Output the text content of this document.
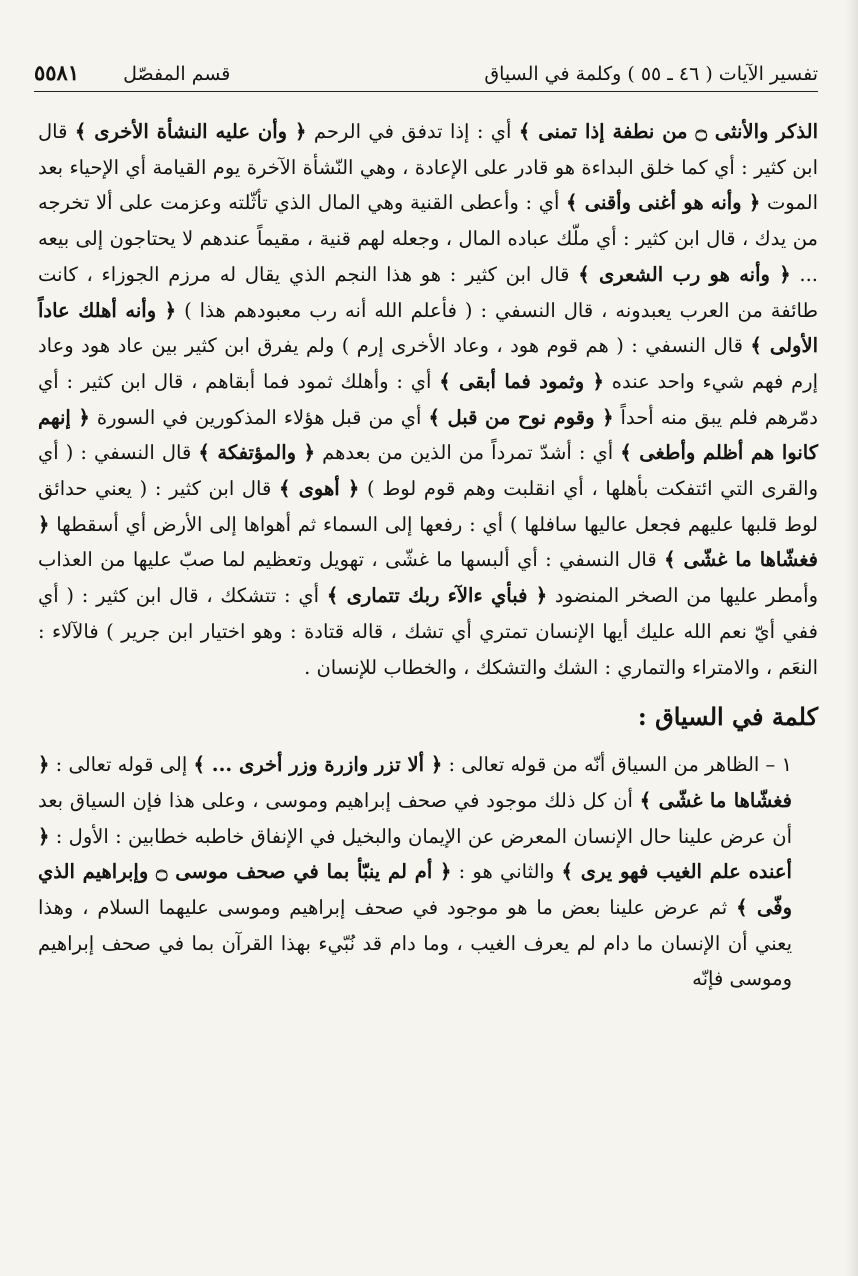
تفسير الآيات ( ٤٦ ـ ٥٥ ) وكلمة في السياق
قسم المفصّل
٥٥٨١

الذكر والأنثى ۝ من نطفة إذا تمنى ﴾ أي : إذا تدفق في الرحم ﴿ وأن عليه النشأة الأخرى ﴾ قال ابن كثير : أي كما خلق البداءة هو قادر على الإعادة ، وهي النّشأة الآخرة يوم القيامة أي الإحياء بعد الموت ﴿ وأنه هو أغنى وأقنى ﴾ أي : وأعطى القنية وهي المال الذي تأثّلته وعزمت على ألا تخرجه من يدك ، قال ابن كثير : أي ملّك عباده المال ، وجعله لهم قنية ، مقيماً عندهم لا يحتاجون إلى بيعه ... ﴿ وأنه هو رب الشعرى ﴾ قال ابن كثير : هو هذا النجم الذي يقال له مرزم الجوزاء ، كانت طائفة من العرب يعبدونه ، قال النسفي : ( فأعلم الله أنه رب معبودهم هذا ) ﴿ وأنه أهلك عاداً الأولى ﴾ قال النسفي : ( هم قوم هود ، وعاد الأخرى إرم ) ولم يفرق ابن كثير بين عاد هود وعاد إرم فهم شيء واحد عنده ﴿ وثمود فما أبقى ﴾ أي : وأهلك ثمود فما أبقاهم ، قال ابن كثير : أي دمّرهم فلم يبق منه أحداً ﴿ وقوم نوح من قبل ﴾ أي من قبل هؤلاء المذكورين في السورة ﴿ إنهم كانوا هم أظلم وأطغى ﴾ أي : أشدّ تمرداً من الذين من بعدهم ﴿ والمؤتفكة ﴾ قال النسفي : ( أي والقرى التي ائتفكت بأهلها ، أي انقلبت وهم قوم لوط ) ﴿ أهوى ﴾ قال ابن كثير : ( يعني حدائق لوط قلبها عليهم فجعل عاليها سافلها ) أي : رفعها إلى السماء ثم أهواها إلى الأرض أي أسقطها ﴿ فغشّاها ما غشّى ﴾ قال النسفي : أي ألبسها ما غشّى ، تهويل وتعظيم لما صبّ عليها من العذاب وأمطر عليها من الصخر المنضود ﴿ فبأي ءالآء ربك تتمارى ﴾ أي : تتشكك ، قال ابن كثير : ( أي ففي أيّ نعم الله عليك أيها الإنسان تمتري أي تشك ، قاله قتادة : وهو اختيار ابن جرير ) فالآلاء : النعَم ، والامتراء والتماري : الشك والتشكك ، والخطاب للإنسان .

كلمة في السياق :

١ – الظاهر من السياق أنّه من قوله تعالى : ﴿ ألا تزر وازرة وزر أخرى ... ﴾ إلى قوله تعالى : ﴿ فغشّاها ما غشّى ﴾ أن كل ذلك موجود في صحف إبراهيم وموسى ، وعلى هذا فإن السياق بعد أن عرض علينا حال الإنسان المعرض عن الإيمان والبخيل في الإنفاق خاطبه خطابين : الأول : ﴿ أعنده علم الغيب فهو يرى ﴾ والثاني هو : ﴿ أم لم ينبّأ بما في صحف موسى ۝ وإبراهيم الذي وفّى ﴾ ثم عرض علينا بعض ما هو موجود في صحف إبراهيم وموسى عليهما السلام ، وهذا يعني أن الإنسان ما دام لم يعرف الغيب ، وما دام قد نُبّيء بهذا القرآن بما في صحف إبراهيم وموسى فإنّه
